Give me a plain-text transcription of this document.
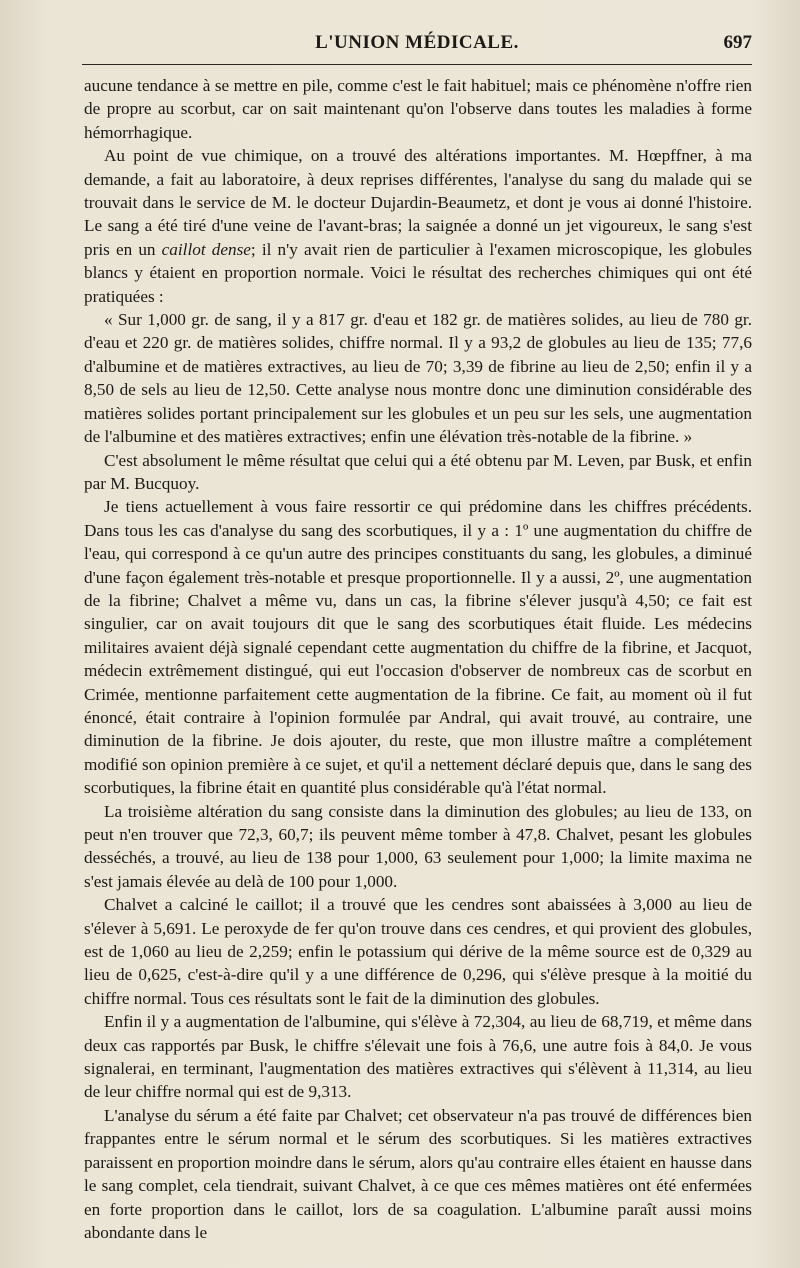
L'UNION MÉDICALE.	697

aucune tendance à se mettre en pile, comme c'est le fait habituel; mais ce phénomène n'offre rien de propre au scorbut, car on sait maintenant qu'on l'observe dans toutes les maladies à forme hémorrhagique.

Au point de vue chimique, on a trouvé des altérations importantes. M. Hœpffner, à ma demande, a fait au laboratoire, à deux reprises différentes, l'analyse du sang du malade qui se trouvait dans le service de M. le docteur Dujardin-Beaumetz, et dont je vous ai donné l'histoire. Le sang a été tiré d'une veine de l'avant-bras; la saignée a donné un jet vigoureux, le sang s'est pris en un caillot dense; il n'y avait rien de particulier à l'examen microscopique, les globules blancs y étaient en proportion normale. Voici le résultat des recherches chimiques qui ont été pratiquées :

« Sur 1,000 gr. de sang, il y a 817 gr. d'eau et 182 gr. de matières solides, au lieu de 780 gr. d'eau et 220 gr. de matières solides, chiffre normal. Il y a 93,2 de globules au lieu de 135; 77,6 d'albumine et de matières extractives, au lieu de 70; 3,39 de fibrine au lieu de 2,50; enfin il y a 8,50 de sels au lieu de 12,50. Cette analyse nous montre donc une diminution considérable des matières solides portant principalement sur les globules et un peu sur les sels, une augmentation de l'albumine et des matières extractives; enfin une élévation très-notable de la fibrine. »

C'est absolument le même résultat que celui qui a été obtenu par M. Leven, par Busk, et enfin par M. Bucquoy.

Je tiens actuellement à vous faire ressortir ce qui prédomine dans les chiffres précédents. Dans tous les cas d'analyse du sang des scorbutiques, il y a : 1º une augmentation du chiffre de l'eau, qui correspond à ce qu'un autre des principes constituants du sang, les globules, a diminué d'une façon également très-notable et presque proportionnelle. Il y a aussi, 2º, une augmentation de la fibrine; Chalvet a même vu, dans un cas, la fibrine s'élever jusqu'à 4,50; ce fait est singulier, car on avait toujours dit que le sang des scorbutiques était fluide. Les médecins militaires avaient déjà signalé cependant cette augmentation du chiffre de la fibrine, et Jacquot, médecin extrêmement distingué, qui eut l'occasion d'observer de nombreux cas de scorbut en Crimée, mentionne parfaitement cette augmentation de la fibrine. Ce fait, au moment où il fut énoncé, était contraire à l'opinion formulée par Andral, qui avait trouvé, au contraire, une diminution de la fibrine. Je dois ajouter, du reste, que mon illustre maître a complétement modifié son opinion première à ce sujet, et qu'il a nettement déclaré depuis que, dans le sang des scorbutiques, la fibrine était en quantité plus considérable qu'à l'état normal.

La troisième altération du sang consiste dans la diminution des globules; au lieu de 133, on peut n'en trouver que 72,3, 60,7; ils peuvent même tomber à 47,8. Chalvet, pesant les globules desséchés, a trouvé, au lieu de 138 pour 1,000, 63 seulement pour 1,000; la limite maxima ne s'est jamais élevée au delà de 100 pour 1,000.

Chalvet a calciné le caillot; il a trouvé que les cendres sont abaissées à 3,000 au lieu de s'élever à 5,691. Le peroxyde de fer qu'on trouve dans ces cendres, et qui provient des globules, est de 1,060 au lieu de 2,259; enfin le potassium qui dérive de la même source est de 0,329 au lieu de 0,625, c'est-à-dire qu'il y a une différence de 0,296, qui s'élève presque à la moitié du chiffre normal. Tous ces résultats sont le fait de la diminution des globules.

Enfin il y a augmentation de l'albumine, qui s'élève à 72,304, au lieu de 68,719, et même dans deux cas rapportés par Busk, le chiffre s'élevait une fois à 76,6, une autre fois à 84,0. Je vous signalerai, en terminant, l'augmentation des matières extractives qui s'élèvent à 11,314, au lieu de leur chiffre normal qui est de 9,313.

L'analyse du sérum a été faite par Chalvet; cet observateur n'a pas trouvé de différences bien frappantes entre le sérum normal et le sérum des scorbutiques. Si les matières extractives paraissent en proportion moindre dans le sérum, alors qu'au contraire elles étaient en hausse dans le sang complet, cela tiendrait, suivant Chalvet, à ce que ces mêmes matières ont été enfermées en forte proportion dans le caillot, lors de sa coagulation. L'albumine paraît aussi moins abondante dans le
